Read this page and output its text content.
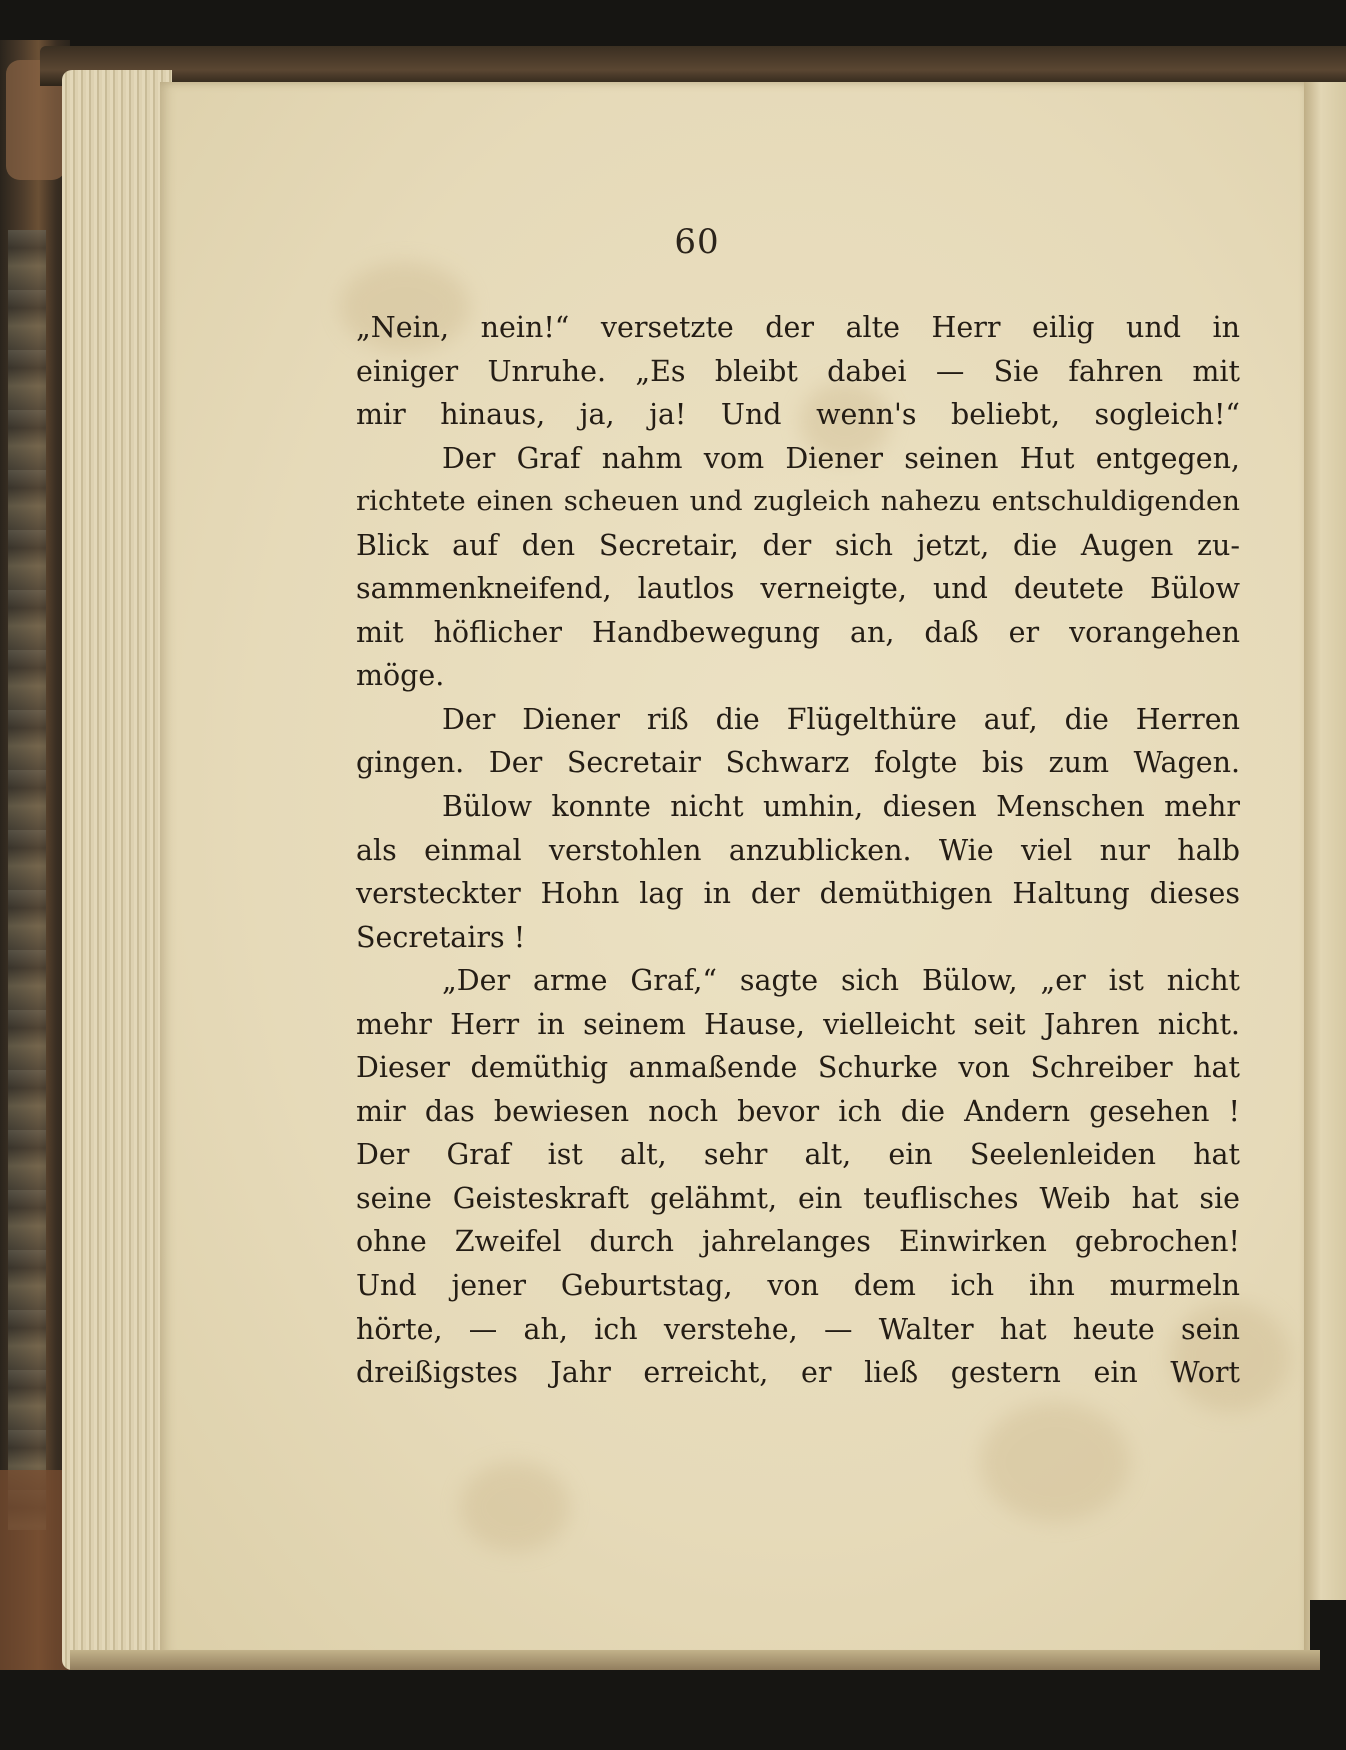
60
„Nein, nein!“ versetzte der alte Herr eilig und in
einiger Unruhe. „Es bleibt dabei — Sie fahren mit
mir hinaus, ja, ja! Und wenn's beliebt, sogleich!“
Der Graf nahm vom Diener seinen Hut entgegen,
richtete einen scheuen und zugleich nahezu entschuldigenden
Blick auf den Secretair, der sich jetzt, die Augen zu-
sammenkneifend, lautlos verneigte, und deutete Bülow
mit höflicher Handbewegung an, daß er vorangehen
möge.
Der Diener riß die Flügelthüre auf, die Herren
gingen. Der Secretair Schwarz folgte bis zum Wagen.
Bülow konnte nicht umhin, diesen Menschen mehr
als einmal verstohlen anzublicken. Wie viel nur halb
versteckter Hohn lag in der demüthigen Haltung dieses
Secretairs !
„Der arme Graf,“ sagte sich Bülow, „er ist nicht
mehr Herr in seinem Hause, vielleicht seit Jahren nicht.
Dieser demüthig anmaßende Schurke von Schreiber hat
mir das bewiesen noch bevor ich die Andern gesehen !
Der Graf ist alt, sehr alt, ein Seelenleiden hat
seine Geisteskraft gelähmt, ein teuflisches Weib hat sie
ohne Zweifel durch jahrelanges Einwirken gebrochen!
Und jener Geburtstag, von dem ich ihn murmeln
hörte, — ah, ich verstehe, — Walter hat heute sein
dreißigstes Jahr erreicht, er ließ gestern ein Wort
